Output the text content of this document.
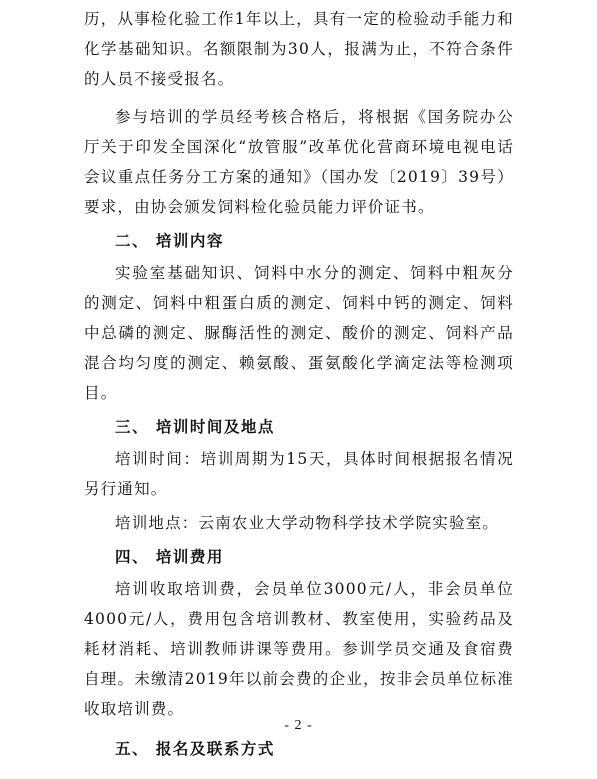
历，从事检化验工作1年以上，具有一定的检验动手能力和化学基础知识。名额限制为30人，报满为止，不符合条件的人员不接受报名。

参与培训的学员经考核合格后，将根据《国务院办公厅关于印发全国深化“放管服”改革优化营商环境电视电话会议重点任务分工方案的通知》（国办发〔2019〕39号）要求，由协会颁发饲料检化验员能力评价证书。

二、 培训内容

实验室基础知识、饲料中水分的测定、饲料中粗灰分的测定、饲料中粗蛋白质的测定、饲料中钙的测定、饲料中总磷的测定、脲酶活性的测定、酸价的测定、饲料产品混合均匀度的测定、赖氨酸、蛋氨酸化学滴定法等检测项目。

三、 培训时间及地点

培训时间：培训周期为15天，具体时间根据报名情况另行通知。

培训地点：云南农业大学动物科学技术学院实验室。

四、 培训费用

培训收取培训费，会员单位3000元/人，非会员单位4000元/人，费用包含培训教材、教室使用，实验药品及耗材消耗、培训教师讲课等费用。参训学员交通及食宿费自理。未缴清2019年以前会费的企业，按非会员单位标准收取培训费。

五、 报名及联系方式

- 2 -
